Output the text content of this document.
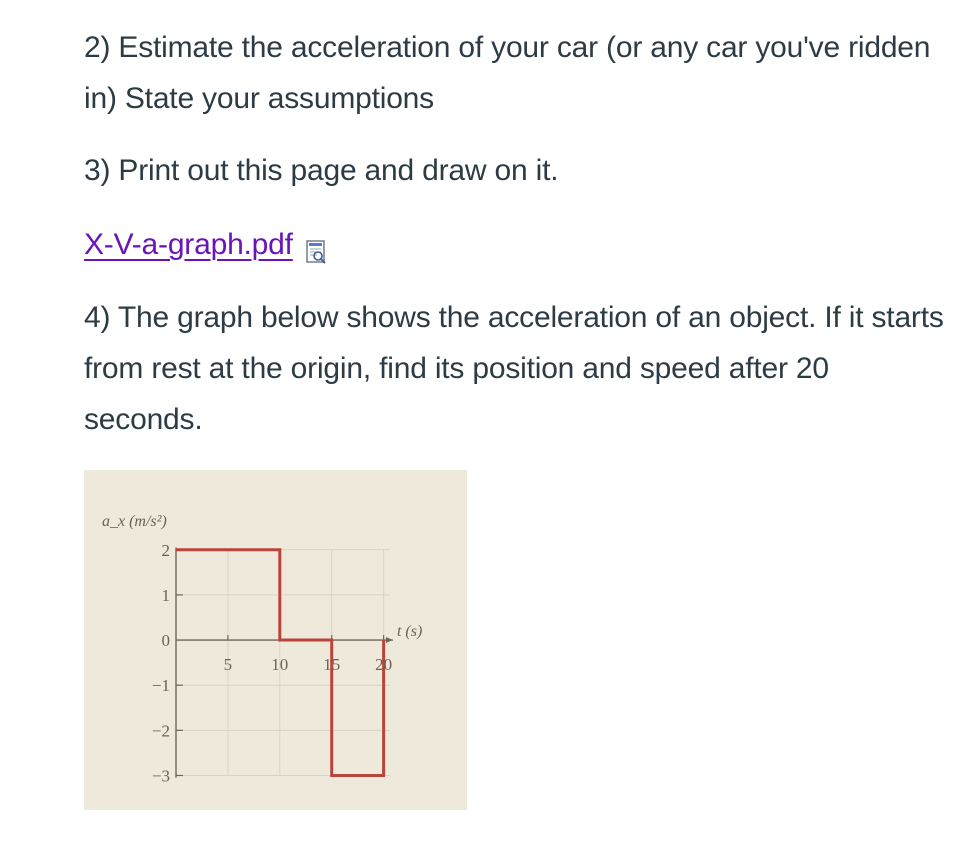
2) Estimate the acceleration of your car (or any car you've ridden in) State your assumptions

3) Print out this page and draw on it.

X-V-a-graph.pdf

4) The graph below shows the acceleration of an object. If it starts from rest at the origin, find its position and speed after 20 seconds.

2
1
0
−1
−2
−3
5 10 15 20
a_x (m/s²)
t (s)
